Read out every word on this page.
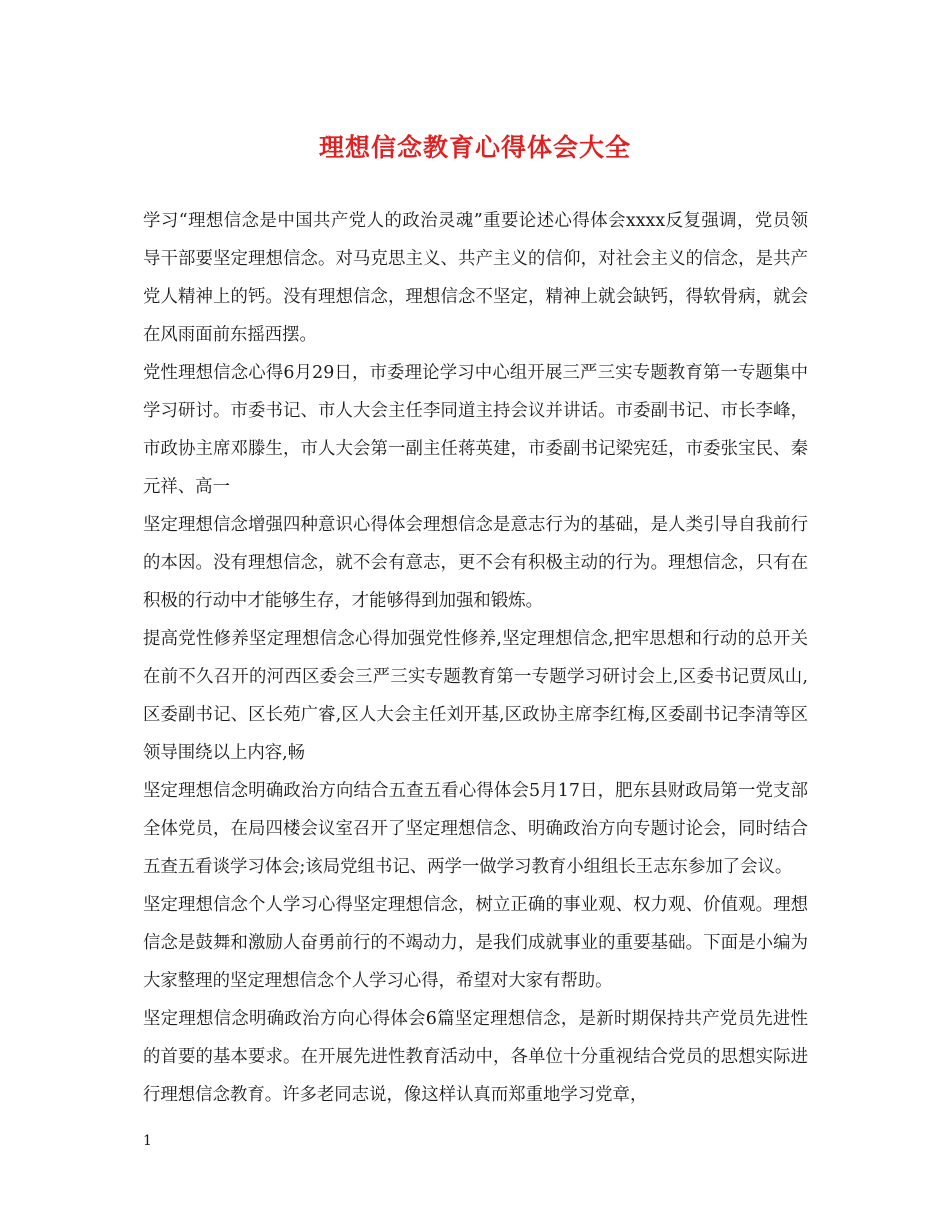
理想信念教育心得体会大全

学习“理想信念是中国共产党人的政治灵魂”重要论述心得体会xxxx反复强调，党员领导干部要坚定理想信念。对马克思主义、共产主义的信仰，对社会主义的信念，是共产党人精神上的钙。没有理想信念，理想信念不坚定，精神上就会缺钙，得软骨病，就会在风雨面前东摇西摆。

党性理想信念心得6月29日，市委理论学习中心组开展三严三实专题教育第一专题集中学习研讨。市委书记、市人大会主任李同道主持会议并讲话。市委副书记、市长李峰，市政协主席邓滕生，市人大会第一副主任蒋英建，市委副书记梁宪廷，市委张宝民、秦元祥、高一

坚定理想信念增强四种意识心得体会理想信念是意志行为的基础，是人类引导自我前行的本因。没有理想信念，就不会有意志，更不会有积极主动的行为。理想信念，只有在积极的行动中才能够生存，才能够得到加强和锻炼。

提高党性修养坚定理想信念心得加强党性修养,坚定理想信念,把牢思想和行动的总开关在前不久召开的河西区委会三严三实专题教育第一专题学习研讨会上,区委书记贾凤山,区委副书记、区长苑广睿,区人大会主任刘开基,区政协主席李红梅,区委副书记李清等区领导围绕以上内容,畅

坚定理想信念明确政治方向结合五查五看心得体会5月17日，肥东县财政局第一党支部全体党员，在局四楼会议室召开了坚定理想信念、明确政治方向专题讨论会，同时结合五查五看谈学习体会;该局党组书记、两学一做学习教育小组组长王志东参加了会议。

坚定理想信念个人学习心得坚定理想信念，树立正确的事业观、权力观、价值观。理想信念是鼓舞和激励人奋勇前行的不竭动力，是我们成就事业的重要基础。下面是小编为大家整理的坚定理想信念个人学习心得，希望对大家有帮助。

坚定理想信念明确政治方向心得体会6篇坚定理想信念，是新时期保持共产党员先进性的首要的基本要求。在开展先进性教育活动中，各单位十分重视结合党员的思想实际进行理想信念教育。许多老同志说，像这样认真而郑重地学习党章，

1
